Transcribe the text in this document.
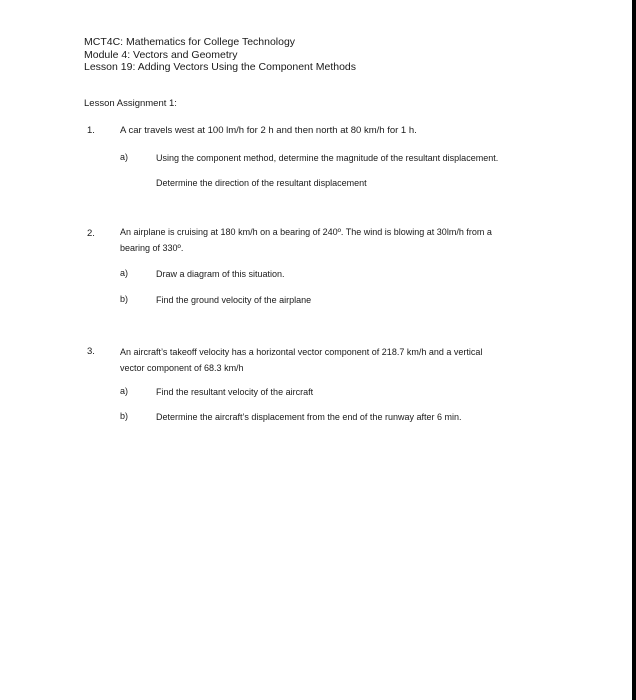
MCT4C: Mathematics for College Technology
Module 4: Vectors and Geometry
Lesson 19: Adding Vectors Using the Component Methods
Lesson Assignment 1:
1.	A car travels west at 100 lm/h for 2 h and then north at 80 km/h for 1 h.
a)	Using the component method, determine the magnitude of the resultant displacement.
Determine the direction of the resultant displacement
2.	An airplane is cruising at 180 km/h on a bearing of 240º. The wind is blowing at 30lm/h from a
bearing of 330º.
a)	Draw a diagram of this situation.
b)	Find the ground velocity of the airplane
3.	An aircraft’s takeoff velocity has a horizontal vector component of 218.7 km/h and a vertical
vector component of 68.3 km/h
a)	Find the resultant velocity of the aircraft
b)	Determine the aircraft’s displacement from the end of the runway after 6 min.
